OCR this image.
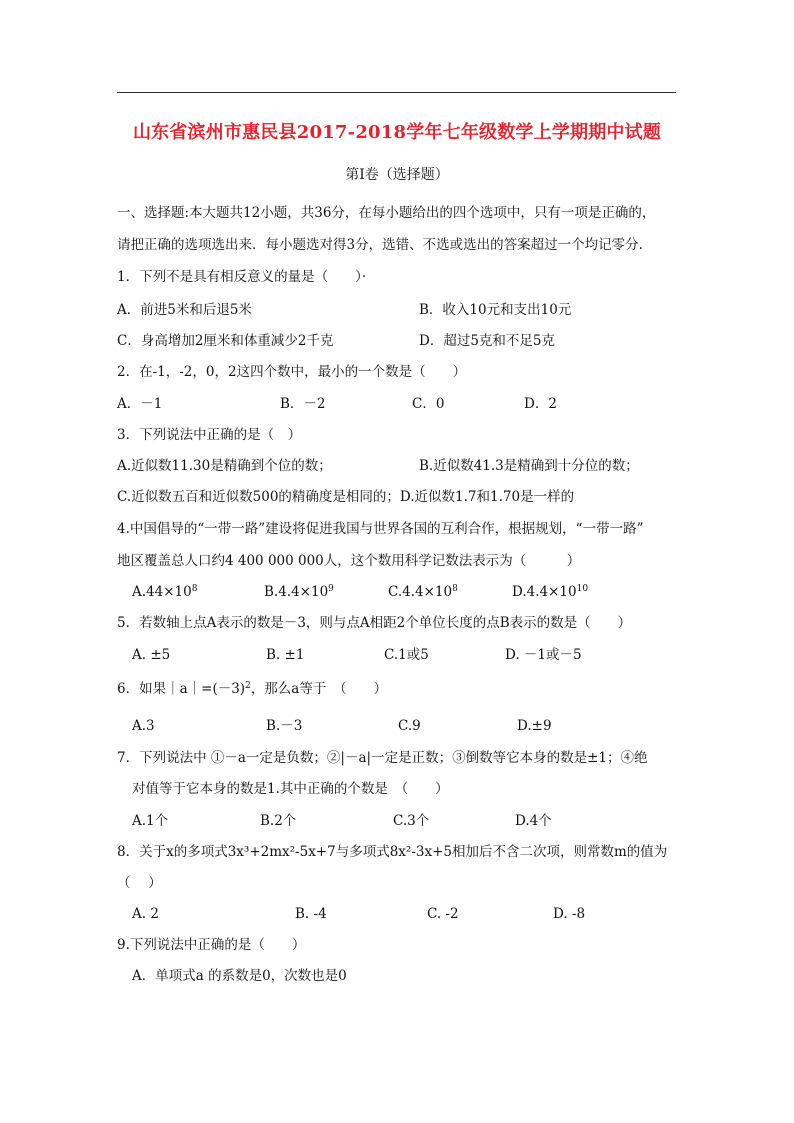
山东省滨州市惠民县2017-2018学年七年级数学上学期期中试题
第Ⅰ卷（选择题）
一、选择题:本大题共12小题，共36分，在每小题给出的四个选项中，只有一项是正确的，
请把正确的选项选出来．每小题选对得3分，选错、不选或选出的答案超过一个均记零分.
1．下列不是具有相反意义的量是（　　）·
A．前进5米和后退5米	B．收入10元和支出10元
C．身高增加2厘米和体重减少2千克	D．超过5克和不足5克
2．在-1，-2，0，2这四个数中，最小的一个数是（　　）
A．－1	B．－2	C．0	D．2
3．下列说法中正确的是（　）
A.近似数11.30是精确到个位的数；	B.近似数41.3是精确到十分位的数；
C.近似数五百和近似数500的精确度是相同的；D.近似数1.7和1.70是一样的
4.中国倡导的“一带一路”建设将促进我国与世界各国的互利合作，根据规划，“一带一路”
地区覆盖总人口约4 400 000 000人，这个数用科学记数法表示为（　　　）
$A.44\times 10^8$	$B.4.4\times 10^9$	$C.4.4\times 10^8$	$D.4.4\times 10^{10}$
5．若数轴上点A表示的数是－3，则与点A相距2个单位长度的点B表示的数是（　　）
A. ±5	B. ±1	C.1或5	D. －1或－5
6．如果$|a|=(-3)^2$，那么a等于　（　　）
A.3	B.－3	C.9	D.±9
7．下列说法中 ①－a一定是负数；②|－a|一定是正数；③倒数等它本身的数是±1；④绝
对值等于它本身的数是1.其中正确的个数是　（　　）
A.1个	B.2个	C.3个	D.4个
8．关于x的多项式3x³+2mx²-5x+7与多项式8x²-3x+5相加后不含二次项，则常数m的值为
（　 ）
A. 2	B. -4	C. -2	D. -8
9.下列说法中正确的是（　　）
A．单项式a 的系数是0，次数也是0
